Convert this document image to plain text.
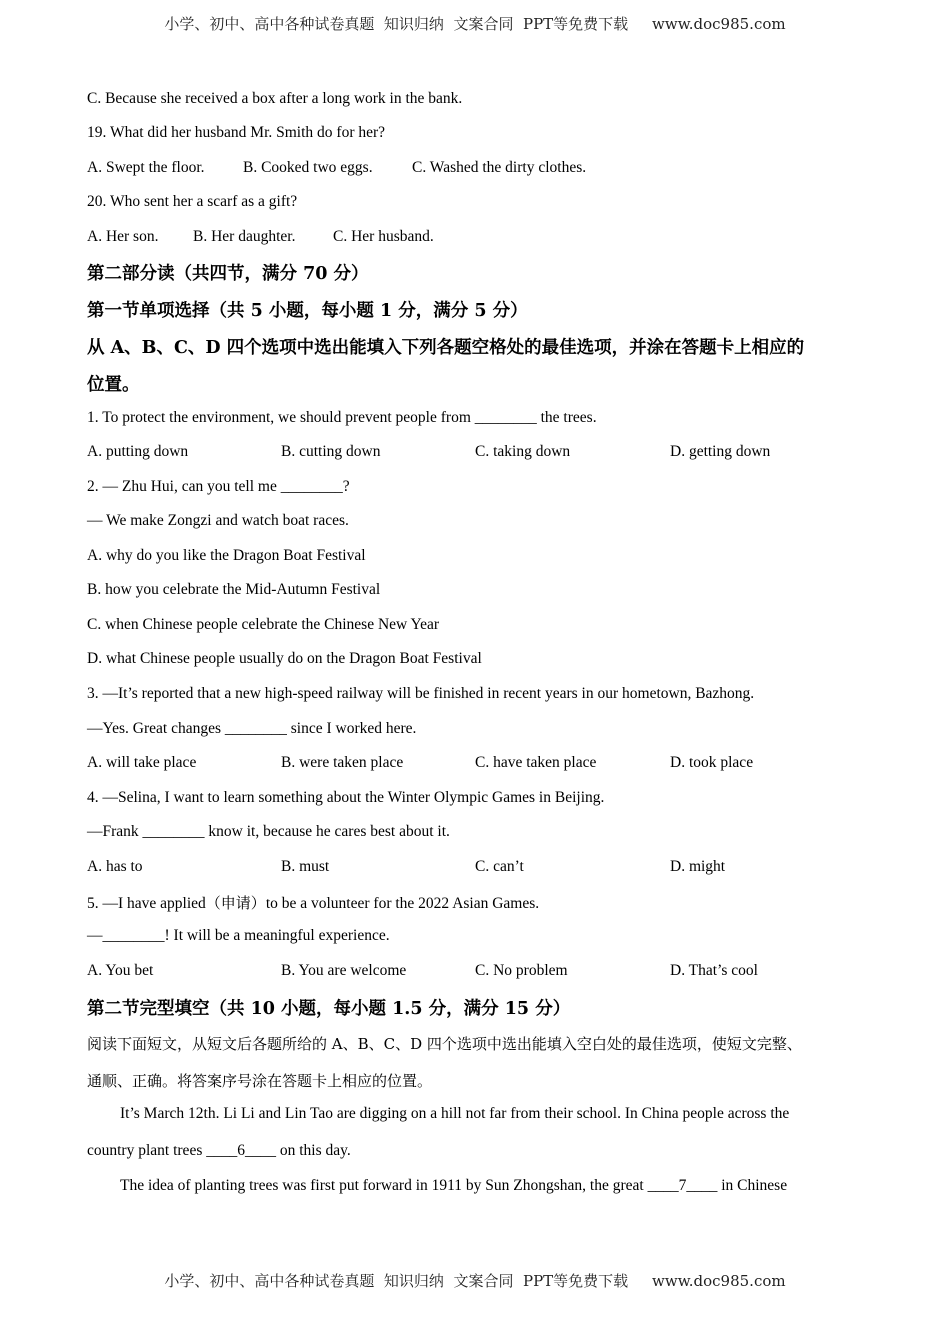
小学、初中、高中各种试卷真题  知识归纳  文案合同  PPT等免费下载     www.doc985.com
C. Because she received a box after a long work in the bank.
19. What did her husband Mr. Smith do for her?
A. Swept the floor. B. Cooked two eggs.	C. Washed the dirty clothes.
20. Who sent her a scarf as a gift?
A. Her son. B. Her daughter. C. Her husband.
第二部分读（共四节，满分 70 分）
第一节单项选择（共 5 小题，每小题 1 分，满分 5 分）
从 A、B、C、D 四个选项中选出能填入下列各题空格处的最佳选项，并涂在答题卡上相应的
位置。
1. To protect the environment, we should prevent people from ________ the trees.
A. putting down	B. cutting down	C. taking down	D. getting down
2. — Zhu Hui, can you tell me ________?
— We make Zongzi and watch boat races.
A. why do you like the Dragon Boat Festival
B. how you celebrate the Mid-Autumn Festival
C. when Chinese people celebrate the Chinese New Year
D. what Chinese people usually do on the Dragon Boat Festival
3. —It’s reported that a new high-speed railway will be finished in recent years in our hometown, Bazhong.
—Yes. Great changes ________ since I worked here.
A. will take place	B. were taken place	C. have taken place	D. took place
4. —Selina, I want to learn something about the Winter Olympic Games in Beijing.
—Frank ________ know it, because he cares best about it.
A. has to	B. must	C. can’t	D. might
5. —I have applied（申请）to be a volunteer for the 2022 Asian Games.
—________! It will be a meaningful experience.
A. You bet	B. You are welcome	C. No problem	D. That’s cool
第二节完型填空（共 10 小题，每小题 1.5 分，满分 15 分）
阅读下面短文，从短文后各题所给的 A、B、C、D 四个选项中选出能填入空白处的最佳选项，使短文完整、
通顺、正确。将答案序号涂在答题卡上相应的位置。
It’s March 12th. Li Li and Lin Tao are digging on a hill not far from their school. In China people across the
country plant trees ____6____ on this day.
The idea of planting trees was first put forward in 1911 by Sun Zhongshan, the great ____7____ in Chinese
小学、初中、高中各种试卷真题  知识归纳  文案合同  PPT等免费下载     www.doc985.com
